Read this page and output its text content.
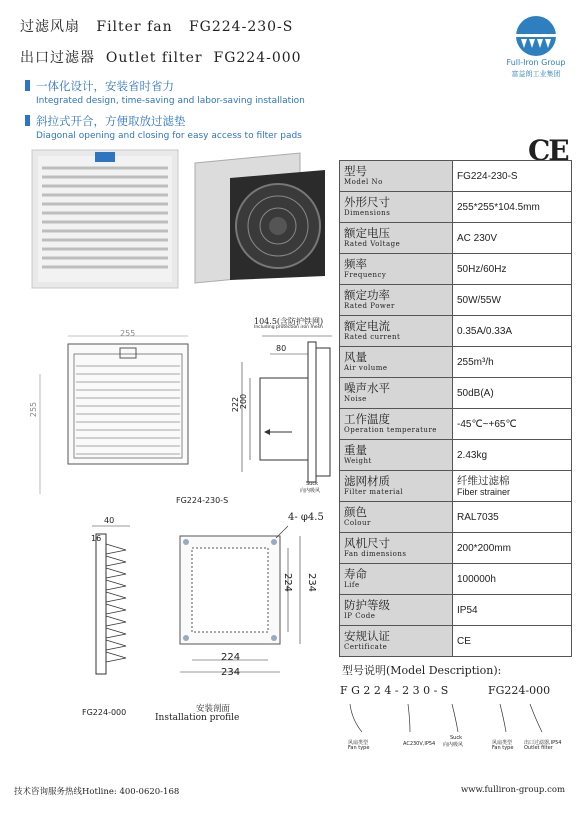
过滤风扇   Filter fan   FG224-230-S
出口过滤器  Outlet filter  FG224-000	Full-Iron Group
富益朗工业集团
一体化设计，安装省时省力
Integrated design, time-saving and labor-saving installation
斜拉式开合，方便取放过滤垫
Diagonal opening and closing for easy access to filter pads	CE
255
255
FG224-230-S
104.5(含防护铁网)
Including protection iron mesh
80
222 200
Suck
向内吸风
40
16
FG224-000
4- φ4.5
224 234
224
234
安装剖面
Installation profile
型号
Model No	FG224-230-S

外形尺寸
Dimensions	255*255*104.5mm

额定电压
Rated Voltage	AC 230V

频率
Frequency	50Hz/60Hz

额定功率
Rated Power	50W/55W

额定电流
Rated current	0.35A/0.33A

风量
Air volume	255m³/h

噪声水平
Noise	50dB(A)

工作温度
Operation temperature	-45℃~+65℃

重量
Weight	2.43kg

滤网材质
Filter material	纤维过滤棉
Fiber strainer

颜色
Colour	RAL7035

风机尺寸
Fan dimensions	200*200mm

寿命
Life	100000h

防护等级
IP Code	IP54

安规认证
Certificate	CE
型号说明(Model Description):
F G 2 2 4 - 2 3 0 - S	FG224-000
风扇类型
Fan type
AC230V,IP54
Suck
向内吸风	风扇类型
Fan type
出口过滤器,IP54
Outlet filter
技术咨询服务热线Hotline: 400-0620-168	www.fulliron-group.com
